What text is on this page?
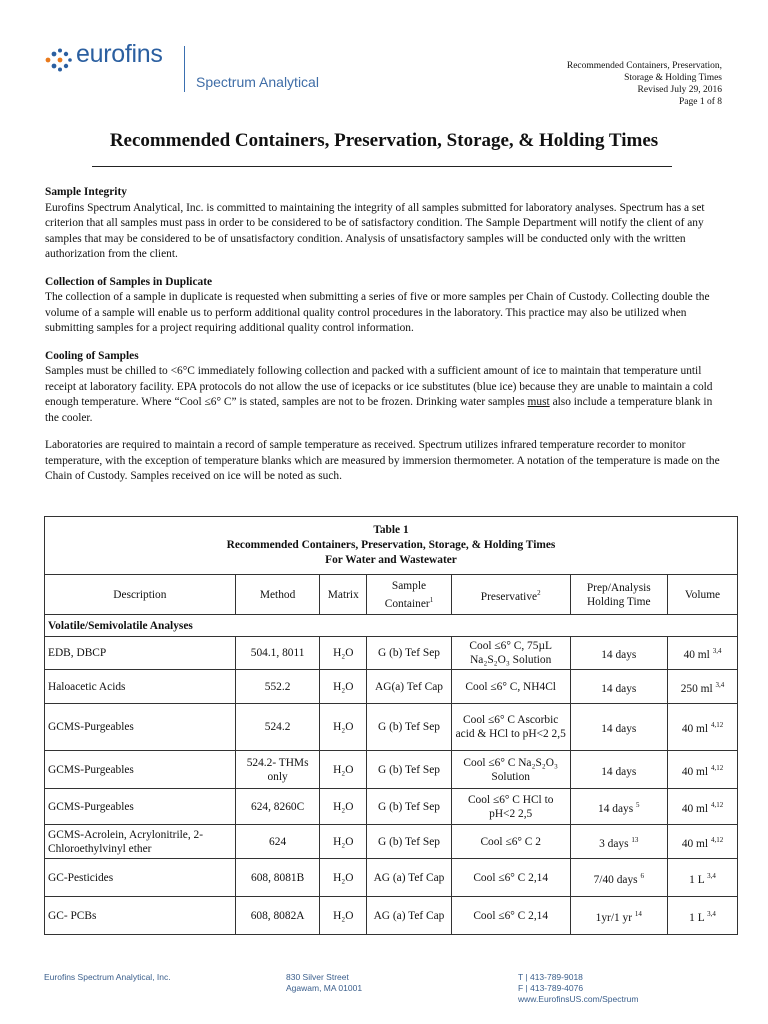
eurofins
Spectrum Analytical
Recommended Containers, Preservation,
Storage & Holding Times
Revised July 29, 2016
Page 1 of 8
Recommended Containers, Preservation, Storage, & Holding Times
Sample Integrity

Eurofins Spectrum Analytical, Inc. is committed to maintaining the integrity of all samples submitted for laboratory analyses. Spectrum has a set criterion that all samples must pass in order to be considered to be of satisfactory condition. The Sample Department will notify the client of any samples that may be considered to be of unsatisfactory condition. Analysis of unsatisfactory samples will be conducted only with the written authorization from the client.

Collection of Samples in Duplicate

The collection of a sample in duplicate is requested when submitting a series of five or more samples per Chain of Custody. Collecting double the volume of a sample will enable us to perform additional quality control procedures in the laboratory. This practice may also be utilized when submitting samples for a project requiring additional quality control information.

Cooling of Samples

Samples must be chilled to <6°C immediately following collection and packed with a sufficient amount of ice to maintain that temperature until receipt at laboratory facility. EPA protocols do not allow the use of icepacks or ice substitutes (blue ice) because they are unable to maintain a cold enough temperature. Where “Cool ≤6° C” is stated, samples are not to be frozen. Drinking water samples must also include a temperature blank in the cooler.

Laboratories are required to maintain a record of sample temperature as received. Spectrum utilizes infrared temperature recorder to monitor temperature, with the exception of temperature blanks which are measured by immersion thermometer. A notation of the temperature is made on the Chain of Custody. Samples received on ice will be noted as such.

Table 1
Recommended Containers, Preservation, Storage, & Holding Times
For Water and Wastewater						

Description	Method	Matrix	Sample Container$^1$	Preservative$^2$	Prep/Analysis Holding Time	Volume
Volatile/Semivolatile Analyses						
EDB, DBCP	504.1, 8011	H₂O	G (b) Tef Sep	Cool ≤6° C, 75µL Na₂S₂O₃ Solution	14 days	40 ml $^{3,4}$
Haloacetic Acids	552.2	H₂O	AG(a) Tef Cap	Cool ≤6° C, NH4Cl	14 days	250 ml $^{3,4}$
GCMS-Purgeables	524.2	H₂O	G (b) Tef Sep	Cool ≤6° C Ascorbic acid & HCl to pH<2 2,5	14 days	40 ml $^{4,12}$
GCMS-Purgeables	524.2- THMs only	H₂O	G (b) Tef Sep	Cool ≤6° C Na₂S₂O₃ Solution	14 days	40 ml $^{4,12}$
GCMS-Purgeables	624, 8260C	H₂O	G (b) Tef Sep	Cool ≤6° C HCl to pH<2 2,5	14 days $^5$	40 ml $^{4,12}$
GCMS-Acrolein, Acrylonitrile, 2-Chloroethylvinyl ether	624	H₂O	G (b) Tef Sep	Cool ≤6° C 2	3 days $^{13}$	40 ml $^{4,12}$
GC-Pesticides	608, 8081B	H₂O	AG (a) Tef Cap	Cool ≤6° C 2,14	7/40 days $^6$	1 L $^{3,4}$
GC- PCBs	608, 8082A	H₂O	AG (a) Tef Cap	Cool ≤6° C 2,14	1yr/1 yr $^{14}$	1 L $^{3,4}$
Eurofins Spectrum Analytical, Inc.	830 Silver Street
Agawam, MA 01001
T | 413-789-9018
F | 413-789-4076
www.EurofinsUS.com/Spectrum
